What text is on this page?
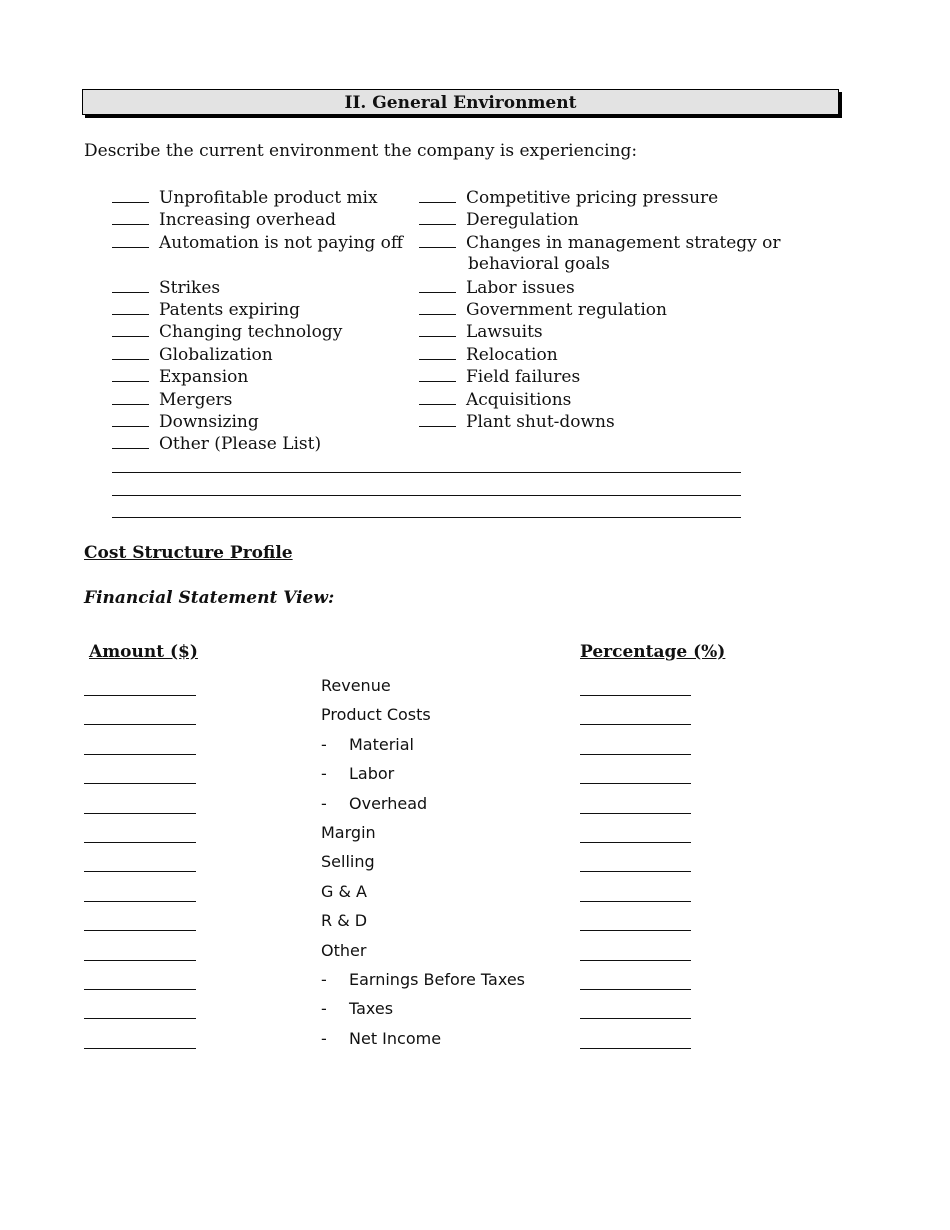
II. General Environment
Describe the current environment the company is experiencing:
Unprofitable product mix
Increasing overhead
Automation is not paying off
Strikes
Patents expiring
Changing technology
Globalization
Expansion
Mergers
Downsizing
Other (Please List)
Competitive pricing pressure
Deregulation
Changes in management strategy or
behavioral goals
Labor issues
Government regulation
Lawsuits
Relocation
Field failures
Acquisitions
Plant shut-downs
Cost Structure Profile
Financial Statement View:
Amount ($)	Percentage (%)
Revenue
Product Costs
- Material
- Labor
- Overhead
Margin
Selling
G & A
R & D
Other
- Earnings Before Taxes
- Taxes
- Net Income
